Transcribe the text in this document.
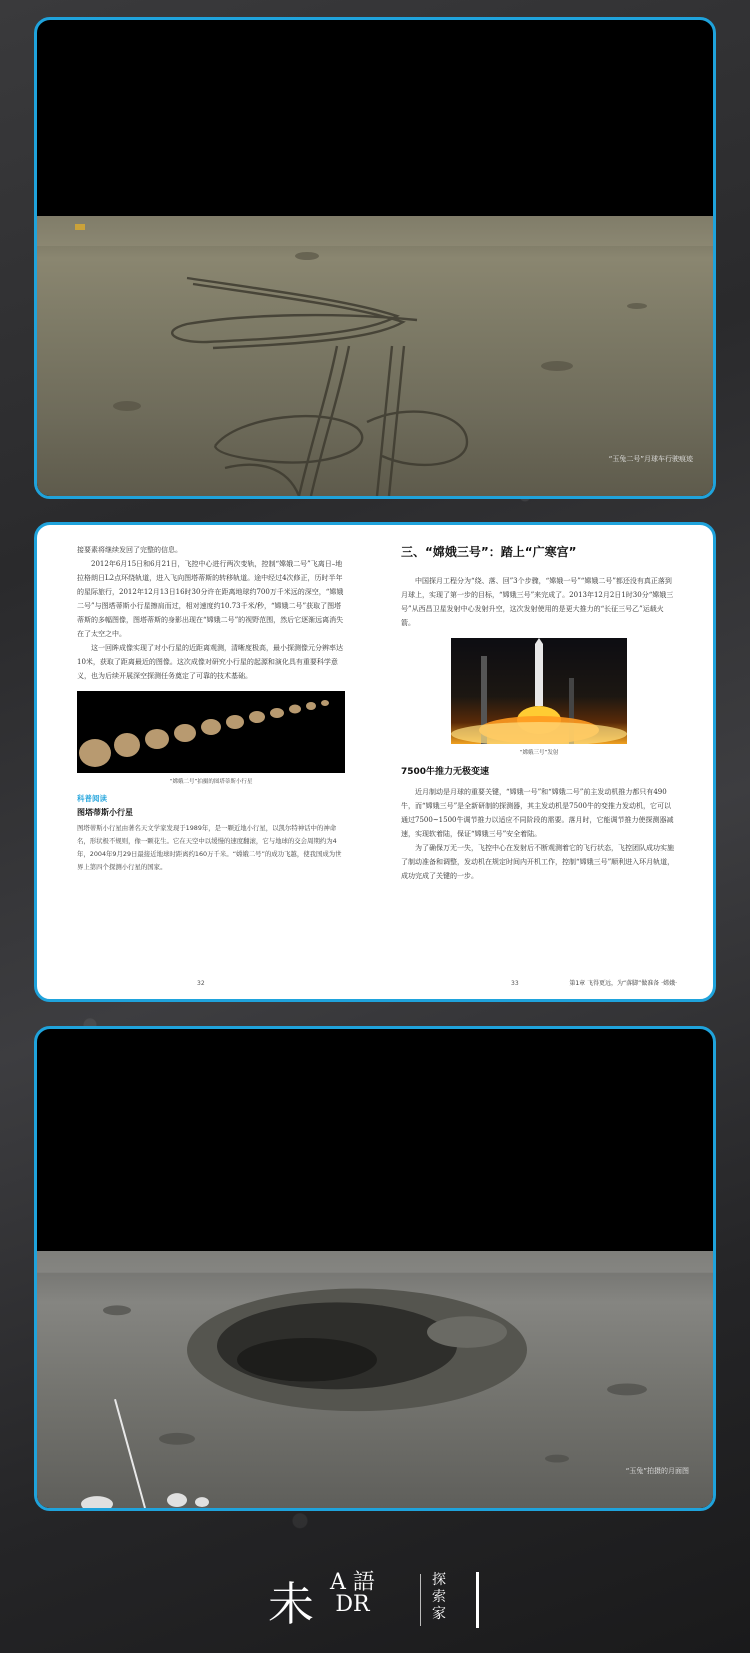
“玉兔二号”月球车行驶痕迹

接要素将继续发回了完整的信息。

2012年6月15日和6月21日，飞控中心进行两次变轨，控制“嫦娥二号”飞离日–地拉格朗日L2点环绕轨道，进入飞向图塔蒂斯的转移轨道。途中经过4次修正，历时半年的星际旅行，2012年12月13日16时30分许在距离地球约700万千米远的深空，“嫦娥二号”与图塔蒂斯小行星擦肩而过，相对速度约10.73千米/秒，“嫦娥二号”获取了图塔蒂斯的多幅图像，图塔蒂斯的身影出现在“嫦娥二号”的视野范围，然后它逐渐远离消失在了太空之中。

这一回眸成像实现了对小行星的近距离观测，清晰度极高，最小探测像元分辨率达10米，获取了距离最近的图像。这次成像对研究小行星的起源和演化具有重要科学意义，也为后续开展深空探测任务奠定了可靠的技术基础。

“嫦娥二号”拍摄的图塔蒂斯小行星
科普阅读
图塔蒂斯小行星

图塔蒂斯小行星由著名天文学家发现于1989年，是一颗近地小行星，以凯尔特神话中的神命名，形状极不规则，像一颗花生。它在天空中以缓慢的速度翻滚，它与地球的交会周期约为4年，2004年9月29日最接近地球时距离约160万千米。“嫦娥二号”的成功飞越，使我国成为世界上第四个探测小行星的国家。

32
三、“嫦娥三号”：踏上“广寒宫”

中国探月工程分为“绕、落、回”3个步骤，“嫦娥一号”“嫦娥二号”都还没有真正落到月球上，实现了第一步的目标，“嫦娥三号”来完成了。2013年12月2日1时30分“嫦娥三号”从西昌卫星发射中心发射升空，这次发射使用的是更大推力的“长征三号乙”运载火箭。

“嫦娥三号”发射
7500牛推力无极变速

近月制动是月球的重要关键，“嫦娥一号”和“嫦娥二号”前主发动机推力都只有490牛，而“嫦娥三号”是全新研制的探测器，其主发动机是7500牛的变推力发动机，它可以通过7500~1500牛调节推力以适应不同阶段的需要。落月时，它能调节推力使探测器减速，实现软着陆，保证“嫦娥三号”安全着陆。

为了确保万无一失，飞控中心在发射后不断观测着它的飞行状态，飞控团队成功实施了制动准备和调整，发动机在规定时间内开机工作，控制“嫦娥三号”顺利进入环月轨道，成功完成了关键的一步。

33	第1章 飞得更远，为“落脚”做准备 ·嫦娥·
“玉兔”拍摄的月面图
未 A 語
DR
探索家
